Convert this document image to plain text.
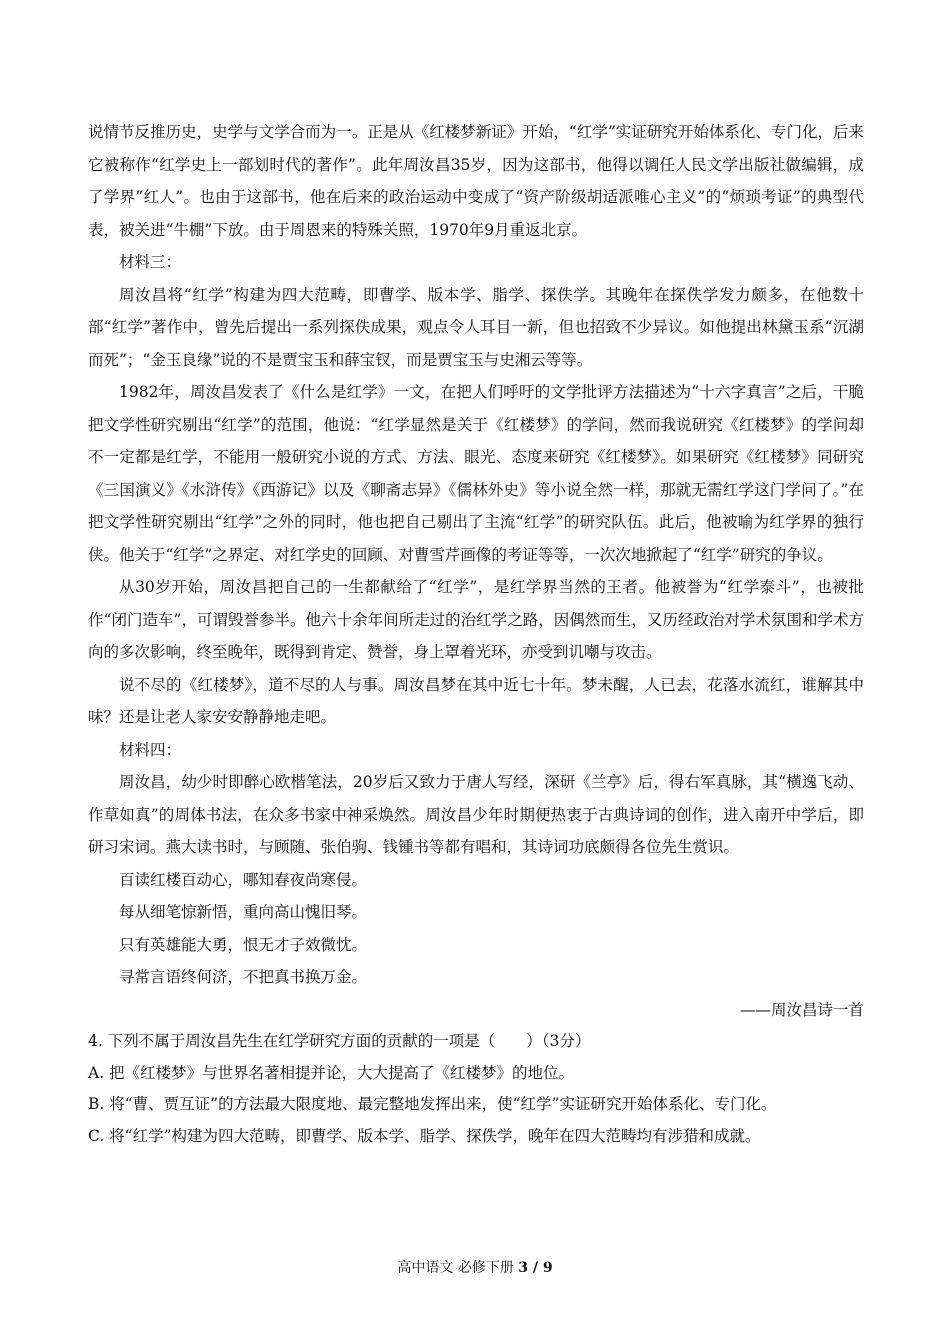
说情节反推历史，史学与文学合而为一。正是从《红楼梦新证》开始，“红学”实证研究开始体系化、专门化，后来它被称作“红学史上一部划时代的著作”。此年周汝昌35岁，因为这部书，他得以调任人民文学出版社做编辑，成了学界“红人”。也由于这部书，他在后来的政治运动中变成了“资产阶级胡适派唯心主义”的“烦琐考证”的典型代表，被关进“牛棚”下放。由于周恩来的特殊关照，1970年9月重返北京。

材料三：

周汝昌将“红学”构建为四大范畴，即曹学、版本学、脂学、探佚学。其晚年在探佚学发力颇多，在他数十部“红学”著作中，曾先后提出一系列探佚成果，观点令人耳目一新，但也招致不少异议。如他提出林黛玉系“沉湖而死”；“金玉良缘”说的不是贾宝玉和薛宝钗，而是贾宝玉与史湘云等等。

1982年，周汝昌发表了《什么是红学》一文，在把人们呼吁的文学批评方法描述为“十六字真言”之后，干脆把文学性研究剔出“红学”的范围，他说：“红学显然是关于《红楼梦》的学问，然而我说研究《红楼梦》的学问却不一定都是红学，不能用一般研究小说的方式、方法、眼光、态度来研究《红楼梦》。如果研究《红楼梦》同研究《三国演义》《水浒传》《西游记》以及《聊斋志异》《儒林外史》等小说全然一样，那就无需红学这门学问了。”在把文学性研究剔出“红学”之外的同时，他也把自己剔出了主流“红学”的研究队伍。此后，他被喻为红学界的独行侠。他关于“红学”之界定、对红学史的回顾、对曹雪芹画像的考证等等，一次次地掀起了“红学”研究的争议。

从30岁开始，周汝昌把自己的一生都献给了“红学”，是红学界当然的王者。他被誉为“红学泰斗”，也被批作“闭门造车”，可谓毁誉参半。他六十余年间所走过的治红学之路，因偶然而生，又历经政治对学术氛围和学术方向的多次影响，终至晚年，既得到肯定、赞誉，身上罩着光环，亦受到讥嘲与攻击。

说不尽的《红楼梦》，道不尽的人与事。周汝昌梦在其中近七十年。梦未醒，人已去，花落水流红，谁解其中味？还是让老人家安安静静地走吧。

材料四：

周汝昌，幼少时即醉心欧楷笔法，20岁后又致力于唐人写经，深研《兰亭》后，得右军真脉，其“横逸飞动、作草如真”的周体书法，在众多书家中神采焕然。周汝昌少年时期便热衷于古典诗词的创作，进入南开中学后，即研习宋词。燕大读书时，与顾随、张伯驹、钱锺书等都有唱和，其诗词功底颇得各位先生赏识。

百读红楼百动心，哪知春夜尚寒侵。

每从细笔惊新悟，重向高山愧旧琴。

只有英雄能大勇，恨无才子效微忱。

寻常言语终何济，不把真书换万金。

——周汝昌诗一首

4. 下列不属于周汝昌先生在红学研究方面的贡献的一项是（　　）（3分）

A. 把《红楼梦》与世界名著相提并论，大大提高了《红楼梦》的地位。

B. 将“曹、贾互证”的方法最大限度地、最完整地发挥出来，使“红学”实证研究开始体系化、专门化。

C. 将“红学”构建为四大范畴，即曹学、版本学、脂学、探佚学，晚年在四大范畴均有涉猎和成就。

高中语文 必修下册 3 / 9
